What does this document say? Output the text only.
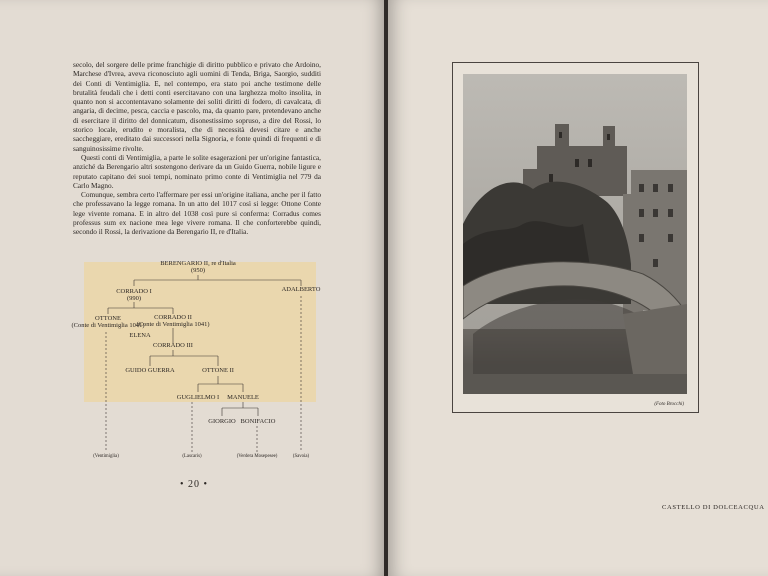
secolo, del sorgere delle prime franchigie di diritto pubblico e privato che Ardoino, Marchese d'Ivrea, aveva riconosciuto agli uomini di Tenda, Briga, Saorgio, sudditi dei Conti di Ventimiglia. E, nel contempo, era stato poi anche testimone delle brutalità feudali che i detti conti esercitavano con una larghezza molto insolita, in quanto non si accontentavano solamente dei soliti diritti di fodero, di cavalcata, di angaria, di decime, pesca, caccia e pascolo, ma, da quanto pare, pretendevano anche di esercitare il diritto del donnicatum, disonestissimo sopruso, a dire del Rossi, lo storico locale, erudito e moralista, che di necessità devesi citare e anche saccheggiare, ereditato dai successori nella Signoria, e fonte quindi di frequenti e di sanguinosissime rivolte.

Questi conti di Ventimiglia, a parte le solite esagerazioni per un'origine fantastica, anziché da Berengario altri sostengono derivare da un Guido Guerra, nobile ligure e reputato capitano dei suoi tempi, nominato primo conte di Ventimiglia nel 779 da Carlo Magno.

Comunque, sembra certo l'affermare per essi un'origine italiana, anche per il fatto che professavano la legge romana. In un atto del 1017 così si legge: Ottone Conte lege vivente romana. E in altro del 1038 così pure si conferma: Corradus comes professus sum ex nacione mea lege vivere romana. Il che conforterebbe quindi, secondo il Rossi, la derivazione da Berengario II, re d'Italia.

BERENGARIO II, re d'Italia
(950)
CORRADO I
(990)
ADALBERTO
OTTONE
(Conte di Ventimiglia 1041)
CORRADO II
(Conte di Ventimiglia 1041)
ELENA
CORRADO III
GUIDO GUERRA	OTTONE II
GUGLIELMO I MANUELE
GIORGIO BONIFACIO
(Ventimiglia)	(Lascaris)	(Verdera Mosepesee)	(Savoia)
• 20 •
(Foto Brocchi)
CASTELLO DI DOLCEACQUA
